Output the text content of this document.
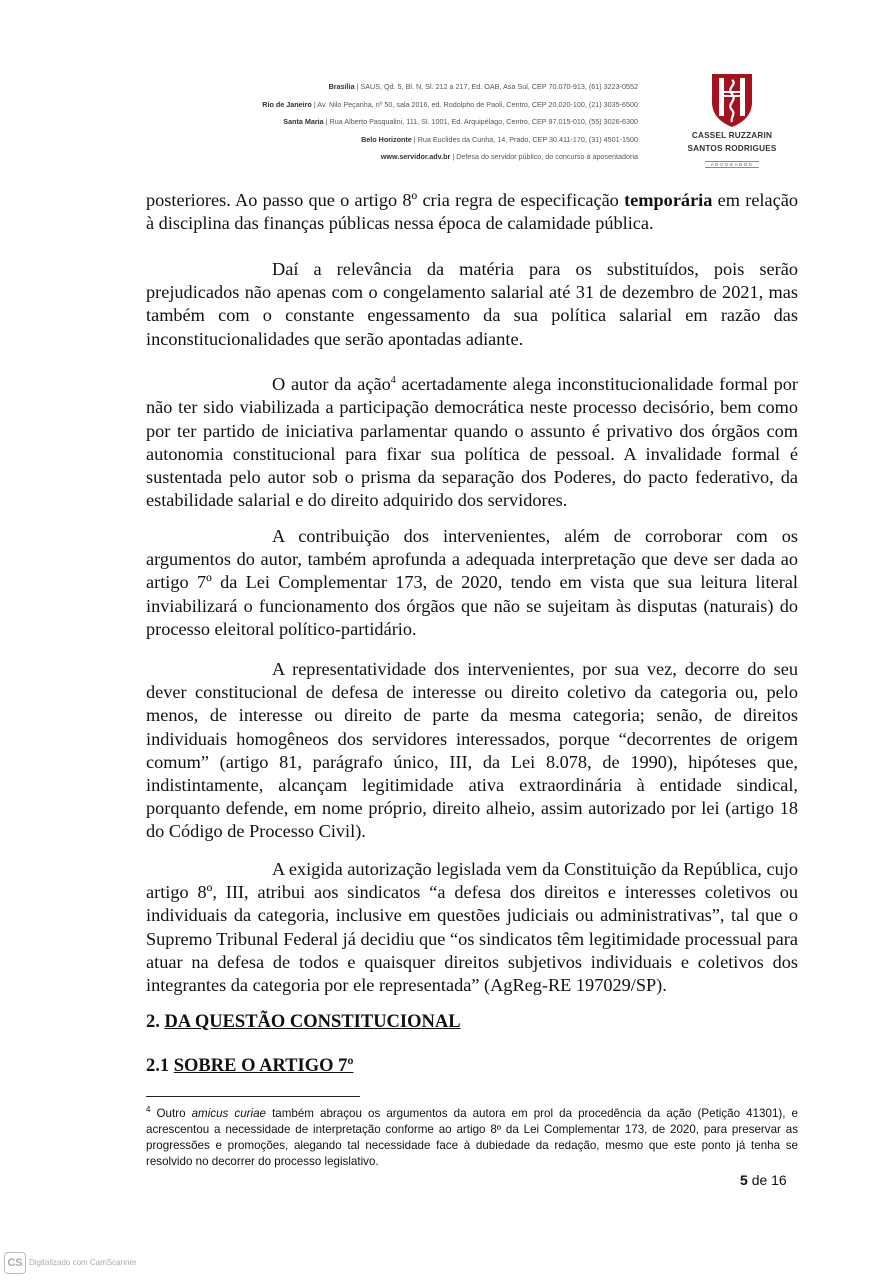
Brasília | SAUS, Qd. 5, Bl. N, Sl. 212 a 217, Ed. OAB, Asa Sul, CEP 70.070-913, (61) 3223-0552
Rio de Janeiro | Av. Nilo Peçanha, nº 50, sala 2016, ed. Rodolpho de Paoli, Centro, CEP 20.020-100, (21) 3035-6500
Santa Maria | Rua Alberto Pasqualini, 111, Sl. 1001, Ed. Arquipélago, Centro, CEP 97.015-010, (55) 3026-6300
Belo Horizonte | Rua Euclides da Cunha, 14, Prado, CEP 30.411-170, (31) 4501-1500
www.servidor.adv.br | Defesa do servidor público, do concurso à aposentadoria
CASSEL RUZZARIN
SANTOS RODRIGUES
ADVOGADOS

posteriores. Ao passo que o artigo 8º cria regra de especificação temporária em relação à disciplina das finanças públicas nessa época de calamidade pública.

Daí a relevância da matéria para os substituídos, pois serão prejudicados não apenas com o congelamento salarial até 31 de dezembro de 2021, mas também com o constante engessamento da sua política salarial em razão das inconstitucionalidades que serão apontadas adiante.

O autor da ação$^4$ acertadamente alega inconstitucionalidade formal por não ter sido viabilizada a participação democrática neste processo decisório, bem como por ter partido de iniciativa parlamentar quando o assunto é privativo dos órgãos com autonomia constitucional para fixar sua política de pessoal. A invalidade formal é sustentada pelo autor sob o prisma da separação dos Poderes, do pacto federativo, da estabilidade salarial e do direito adquirido dos servidores.

A contribuição dos intervenientes, além de corroborar com os argumentos do autor, também aprofunda a adequada interpretação que deve ser dada ao artigo 7º da Lei Complementar 173, de 2020, tendo em vista que sua leitura literal inviabilizará o funcionamento dos órgãos que não se sujeitam às disputas (naturais) do processo eleitoral político-partidário.

A representatividade dos intervenientes, por sua vez, decorre do seu dever constitucional de defesa de interesse ou direito coletivo da categoria ou, pelo menos, de interesse ou direito de parte da mesma categoria; senão, de direitos individuais homogêneos dos servidores interessados, porque “decorrentes de origem comum” (artigo 81, parágrafo único, III, da Lei 8.078, de 1990), hipóteses que, indistintamente, alcançam legitimidade ativa extraordinária à entidade sindical, porquanto defende, em nome próprio, direito alheio, assim autorizado por lei (artigo 18 do Código de Processo Civil).

A exigida autorização legislada vem da Constituição da República, cujo artigo 8º, III, atribui aos sindicatos “a defesa dos direitos e interesses coletivos ou individuais da categoria, inclusive em questões judiciais ou administrativas”, tal que o Supremo Tribunal Federal já decidiu que “os sindicatos têm legitimidade processual para atuar na defesa de todos e quaisquer direitos subjetivos individuais e coletivos dos integrantes da categoria por ele representada” (AgReg-RE 197029/SP).

2. DA QUESTÃO CONSTITUCIONAL
2.1 SOBRE O ARTIGO 7º
$^4$ Outro amicus curiae também abraçou os argumentos da autora em prol da procedência da ação (Petição 41301), e acrescentou a necessidade de interpretação conforme ao artigo 8º da Lei Complementar 173, de 2020, para preservar as progressões e promoções, alegando tal necessidade face à dubiedade da redação, mesmo que este ponto já tenha se resolvido no decorrer do processo legislativo.
5 de 16
CS Digitalizado com CamScanner
